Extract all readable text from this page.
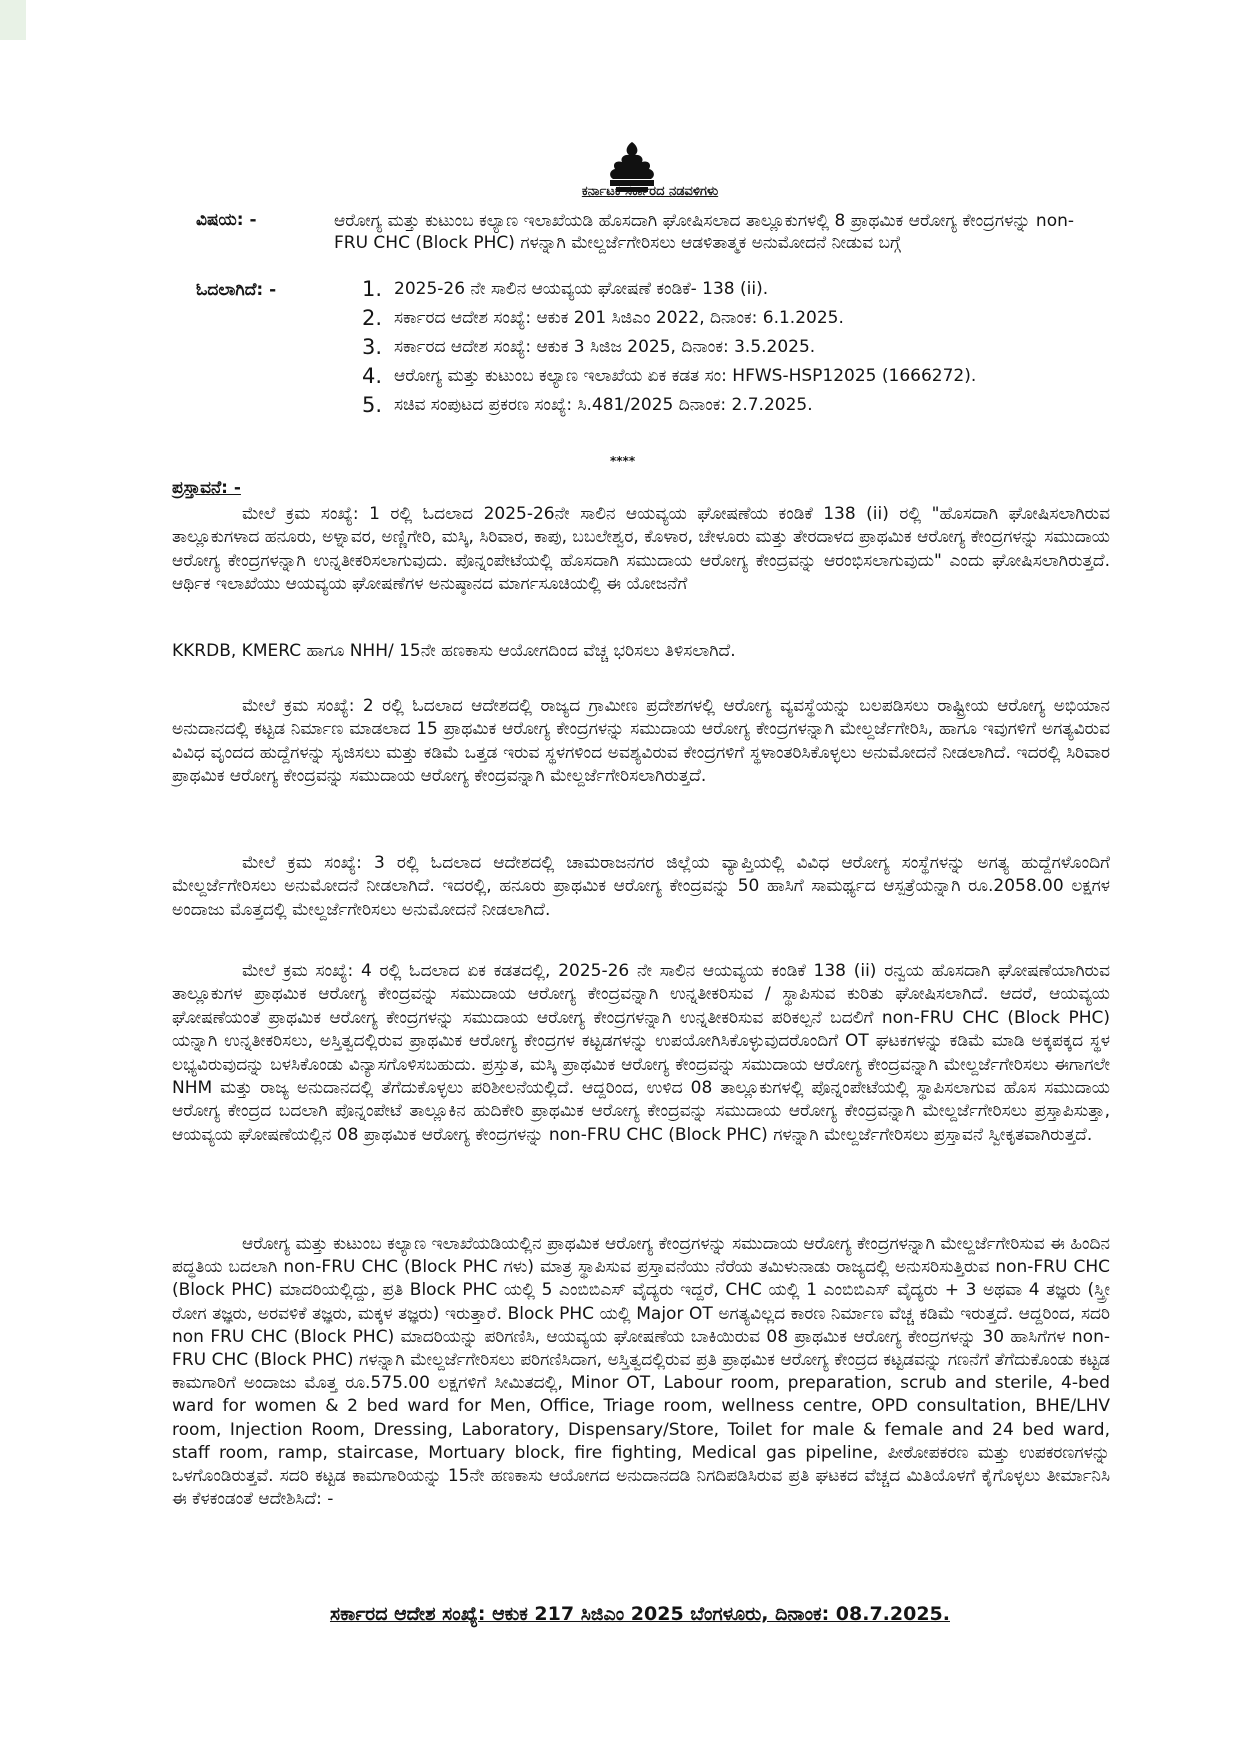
ಕರ್ನಾಟಕ ಸರ್ಕಾರದ ನಡವಳಿಗಳು
ವಿಷಯ: -	ಆರೋಗ್ಯ ಮತ್ತು ಕುಟುಂಬ ಕಲ್ಯಾಣ ಇಲಾಖೆಯಡಿ ಹೊಸದಾಗಿ ಘೋಷಿಸಲಾದ ತಾಲ್ಲೂಕುಗಳಲ್ಲಿ 8 ಪ್ರಾಥಮಿಕ ಆರೋಗ್ಯ ಕೇಂದ್ರಗಳನ್ನು non-FRU CHC (Block PHC) ಗಳನ್ನಾಗಿ ಮೇಲ್ದರ್ಜೆಗೇರಿಸಲು ಆಡಳಿತಾತ್ಮಕ ಅನುಮೋದನೆ ನೀಡುವ ಬಗ್ಗೆ
ಓದಲಾಗಿದೆ: -	1. 2025-26 ನೇ ಸಾಲಿನ ಆಯವ್ಯಯ ಘೋಷಣೆ ಕಂಡಿಕೆ- 138 (ii).
2. ಸರ್ಕಾರದ ಆದೇಶ ಸಂಖ್ಯೆ: ಆಕುಕ 201 ಸಿಜಿಎಂ 2022, ದಿನಾಂಕ: 6.1.2025.
3. ಸರ್ಕಾರದ ಆದೇಶ ಸಂಖ್ಯೆ: ಆಕುಕ 3 ಸಿಜಿಜ 2025, ದಿನಾಂಕ: 3.5.2025.
4. ಆರೋಗ್ಯ ಮತ್ತು ಕುಟುಂಬ ಕಲ್ಯಾಣ ಇಲಾಖೆಯ ಏಕ ಕಡತ ಸಂ: HFWS-HSP12025 (1666272).
5. ಸಚಿವ ಸಂಪುಟದ ಪ್ರಕರಣ ಸಂಖ್ಯೆ: ಸಿ.481/2025 ದಿನಾಂಕ: 2.7.2025.
****
ಪ್ರಸ್ತಾವನೆ: -

ಮೇಲೆ ಕ್ರಮ ಸಂಖ್ಯೆ: 1 ರಲ್ಲಿ ಓದಲಾದ 2025-26ನೇ ಸಾಲಿನ ಆಯವ್ಯಯ ಘೋಷಣೆಯ ಕಂಡಿಕೆ 138 (ii) ರಲ್ಲಿ "ಹೊಸದಾಗಿ ಘೋಷಿಸಲಾಗಿರುವ ತಾಲ್ಲೂಕುಗಳಾದ ಹನೂರು, ಅಳ್ನಾವರ, ಅಣ್ಣಿಗೇರಿ, ಮಸ್ಕಿ, ಸಿರಿವಾರ, ಕಾಪು, ಬಬಲೇಶ್ವರ, ಕೊಳಾರ, ಚೇಳೂರು ಮತ್ತು ತೇರದಾಳದ ಪ್ರಾಥಮಿಕ ಆರೋಗ್ಯ ಕೇಂದ್ರಗಳನ್ನು ಸಮುದಾಯ ಆರೋಗ್ಯ ಕೇಂದ್ರಗಳನ್ನಾಗಿ ಉನ್ನತೀಕರಿಸಲಾಗುವುದು. ಪೊನ್ನಂಪೇಟೆಯಲ್ಲಿ ಹೊಸದಾಗಿ ಸಮುದಾಯ ಆರೋಗ್ಯ ಕೇಂದ್ರವನ್ನು ಆರಂಭಿಸಲಾಗುವುದು" ಎಂದು ಘೋಷಿಸಲಾಗಿರುತ್ತದೆ. ಆರ್ಥಿಕ ಇಲಾಖೆಯು ಆಯವ್ಯಯ ಘೋಷಣೆಗಳ ಅನುಷ್ಠಾನದ ಮಾರ್ಗಸೂಚಿಯಲ್ಲಿ ಈ ಯೋಜನೆಗೆ

KKRDB, KMERC ಹಾಗೂ NHH/ 15ನೇ ಹಣಕಾಸು ಆಯೋಗದಿಂದ ವೆಚ್ಚ ಭರಿಸಲು ತಿಳಿಸಲಾಗಿದೆ.

ಮೇಲೆ ಕ್ರಮ ಸಂಖ್ಯೆ: 2 ರಲ್ಲಿ ಓದಲಾದ ಆದೇಶದಲ್ಲಿ ರಾಜ್ಯದ ಗ್ರಾಮೀಣ ಪ್ರದೇಶಗಳಲ್ಲಿ ಆರೋಗ್ಯ ವ್ಯವಸ್ಥೆಯನ್ನು ಬಲಪಡಿಸಲು ರಾಷ್ಟ್ರೀಯ ಆರೋಗ್ಯ ಅಭಿಯಾನ ಅನುದಾನದಲ್ಲಿ ಕಟ್ಟಡ ನಿರ್ಮಾಣ ಮಾಡಲಾದ 15 ಪ್ರಾಥಮಿಕ ಆರೋಗ್ಯ ಕೇಂದ್ರಗಳನ್ನು ಸಮುದಾಯ ಆರೋಗ್ಯ ಕೇಂದ್ರಗಳನ್ನಾಗಿ ಮೇಲ್ದರ್ಜೆಗೇರಿಸಿ, ಹಾಗೂ ಇವುಗಳಿಗೆ ಅಗತ್ಯವಿರುವ ವಿವಿಧ ವೃಂದದ ಹುದ್ದೆಗಳನ್ನು ಸೃಜಿಸಲು ಮತ್ತು ಕಡಿಮೆ ಒತ್ತಡ ಇರುವ ಸ್ಥಳಗಳಿಂದ ಅವಶ್ಯವಿರುವ ಕೇಂದ್ರಗಳಿಗೆ ಸ್ಥಳಾಂತರಿಸಿಕೊಳ್ಳಲು ಅನುಮೋದನೆ ನೀಡಲಾಗಿದೆ. ಇದರಲ್ಲಿ ಸಿರಿವಾರ ಪ್ರಾಥಮಿಕ ಆರೋಗ್ಯ ಕೇಂದ್ರವನ್ನು ಸಮುದಾಯ ಆರೋಗ್ಯ ಕೇಂದ್ರವನ್ನಾಗಿ ಮೇಲ್ದರ್ಜೆಗೇರಿಸಲಾಗಿರುತ್ತದೆ.

ಮೇಲೆ ಕ್ರಮ ಸಂಖ್ಯೆ: 3 ರಲ್ಲಿ ಓದಲಾದ ಆದೇಶದಲ್ಲಿ ಚಾಮರಾಜನಗರ ಜಿಲ್ಲೆಯ ವ್ಯಾಪ್ತಿಯಲ್ಲಿ ವಿವಿಧ ಆರೋಗ್ಯ ಸಂಸ್ಥೆಗಳನ್ನು ಅಗತ್ಯ ಹುದ್ದೆಗಳೊಂದಿಗೆ ಮೇಲ್ದರ್ಜೆಗೇರಿಸಲು ಅನುಮೋದನೆ ನೀಡಲಾಗಿದೆ. ಇದರಲ್ಲಿ, ಹನೂರು ಪ್ರಾಥಮಿಕ ಆರೋಗ್ಯ ಕೇಂದ್ರವನ್ನು 50 ಹಾಸಿಗೆ ಸಾಮರ್ಥ್ಯದ ಆಸ್ಪತ್ರೆಯನ್ನಾಗಿ ರೂ.2058.00 ಲಕ್ಷಗಳ ಅಂದಾಜು ಮೊತ್ತದಲ್ಲಿ ಮೇಲ್ದರ್ಜೆಗೇರಿಸಲು ಅನುಮೋದನೆ ನೀಡಲಾಗಿದೆ.

ಮೇಲೆ ಕ್ರಮ ಸಂಖ್ಯೆ: 4 ರಲ್ಲಿ ಓದಲಾದ ಏಕ ಕಡತದಲ್ಲಿ, 2025-26 ನೇ ಸಾಲಿನ ಆಯವ್ಯಯ ಕಂಡಿಕೆ 138 (ii) ರನ್ವಯ ಹೊಸದಾಗಿ ಘೋಷಣೆಯಾಗಿರುವ ತಾಲ್ಲೂಕುಗಳ ಪ್ರಾಥಮಿಕ ಆರೋಗ್ಯ ಕೇಂದ್ರವನ್ನು ಸಮುದಾಯ ಆರೋಗ್ಯ ಕೇಂದ್ರವನ್ನಾಗಿ ಉನ್ನತೀಕರಿಸುವ / ಸ್ಥಾಪಿಸುವ ಕುರಿತು ಘೋಷಿಸಲಾಗಿದೆ. ಆದರೆ, ಆಯವ್ಯಯ ಘೋಷಣೆಯಂತೆ ಪ್ರಾಥಮಿಕ ಆರೋಗ್ಯ ಕೇಂದ್ರಗಳನ್ನು ಸಮುದಾಯ ಆರೋಗ್ಯ ಕೇಂದ್ರಗಳನ್ನಾಗಿ ಉನ್ನತೀಕರಿಸುವ ಪರಿಕಲ್ಪನೆ ಬದಲಿಗೆ non-FRU CHC (Block PHC) ಯನ್ನಾಗಿ ಉನ್ನತೀಕರಿಸಲು, ಅಸ್ತಿತ್ವದಲ್ಲಿರುವ ಪ್ರಾಥಮಿಕ ಆರೋಗ್ಯ ಕೇಂದ್ರಗಳ ಕಟ್ಟಡಗಳನ್ನು ಉಪಯೋಗಿಸಿಕೊಳ್ಳುವುದರೊಂದಿಗೆ OT ಘಟಕಗಳನ್ನು ಕಡಿಮೆ ಮಾಡಿ ಅಕ್ಕಪಕ್ಕದ ಸ್ಥಳ ಲಭ್ಯವಿರುವುದನ್ನು ಬಳಸಿಕೊಂಡು ವಿನ್ಯಾಸಗೊಳಿಸಬಹುದು. ಪ್ರಸ್ತುತ, ಮಸ್ಕಿ ಪ್ರಾಥಮಿಕ ಆರೋಗ್ಯ ಕೇಂದ್ರವನ್ನು ಸಮುದಾಯ ಆರೋಗ್ಯ ಕೇಂದ್ರವನ್ನಾಗಿ ಮೇಲ್ದರ್ಜೆಗೇರಿಸಲು ಈಗಾಗಲೇ NHM ಮತ್ತು ರಾಜ್ಯ ಅನುದಾನದಲ್ಲಿ ತೆಗೆದುಕೊಳ್ಳಲು ಪರಿಶೀಲನೆಯಲ್ಲಿದೆ. ಆದ್ದರಿಂದ, ಉಳಿದ 08 ತಾಲ್ಲೂಕುಗಳಲ್ಲಿ ಪೊನ್ನಂಪೇಟೆಯಲ್ಲಿ ಸ್ಥಾಪಿಸಲಾಗುವ ಹೊಸ ಸಮುದಾಯ ಆರೋಗ್ಯ ಕೇಂದ್ರದ ಬದಲಾಗಿ ಪೊನ್ನಂಪೇಟೆ ತಾಲ್ಲೂಕಿನ ಹುದಿಕೇರಿ ಪ್ರಾಥಮಿಕ ಆರೋಗ್ಯ ಕೇಂದ್ರವನ್ನು ಸಮುದಾಯ ಆರೋಗ್ಯ ಕೇಂದ್ರವನ್ನಾಗಿ ಮೇಲ್ದರ್ಜೆಗೇರಿಸಲು ಪ್ರಸ್ತಾಪಿಸುತ್ತಾ, ಆಯವ್ಯಯ ಘೋಷಣೆಯಲ್ಲಿನ 08 ಪ್ರಾಥಮಿಕ ಆರೋಗ್ಯ ಕೇಂದ್ರಗಳನ್ನು non-FRU CHC (Block PHC) ಗಳನ್ನಾಗಿ ಮೇಲ್ದರ್ಜೆಗೇರಿಸಲು ಪ್ರಸ್ತಾವನೆ ಸ್ವೀಕೃತವಾಗಿರುತ್ತದೆ.

ಆರೋಗ್ಯ ಮತ್ತು ಕುಟುಂಬ ಕಲ್ಯಾಣ ಇಲಾಖೆಯಡಿಯಲ್ಲಿನ ಪ್ರಾಥಮಿಕ ಆರೋಗ್ಯ ಕೇಂದ್ರಗಳನ್ನು ಸಮುದಾಯ ಆರೋಗ್ಯ ಕೇಂದ್ರಗಳನ್ನಾಗಿ ಮೇಲ್ದರ್ಜೆಗೇರಿಸುವ ಈ ಹಿಂದಿನ ಪದ್ಧತಿಯ ಬದಲಾಗಿ non-FRU CHC (Block PHC ಗಳು) ಮಾತ್ರ ಸ್ಥಾಪಿಸುವ ಪ್ರಸ್ತಾವನೆಯು ನೆರೆಯ ತಮಿಳುನಾಡು ರಾಜ್ಯದಲ್ಲಿ ಅನುಸರಿಸುತ್ತಿರುವ non-FRU CHC (Block PHC) ಮಾದರಿಯಲ್ಲಿದ್ದು, ಪ್ರತಿ Block PHC ಯಲ್ಲಿ 5 ಎಂಬಿಬಿಎಸ್ ವೈದ್ಯರು ಇದ್ದರೆ, CHC ಯಲ್ಲಿ 1 ಎಂಬಿಬಿಎಸ್ ವೈದ್ಯರು + 3 ಅಥವಾ 4 ತಜ್ಞರು (ಸ್ತ್ರೀ ರೋಗ ತಜ್ಞರು, ಅರವಳಿಕೆ ತಜ್ಞರು, ಮಕ್ಕಳ ತಜ್ಞರು) ಇರುತ್ತಾರೆ. Block PHC ಯಲ್ಲಿ Major OT ಅಗತ್ಯವಿಲ್ಲದ ಕಾರಣ ನಿರ್ಮಾಣ ವೆಚ್ಚ ಕಡಿಮೆ ಇರುತ್ತದೆ. ಆದ್ದರಿಂದ, ಸದರಿ non FRU CHC (Block PHC) ಮಾದರಿಯನ್ನು ಪರಿಗಣಿಸಿ, ಆಯವ್ಯಯ ಘೋಷಣೆಯ ಬಾಕಿಯಿರುವ 08 ಪ್ರಾಥಮಿಕ ಆರೋಗ್ಯ ಕೇಂದ್ರಗಳನ್ನು 30 ಹಾಸಿಗೆಗಳ non-FRU CHC (Block PHC) ಗಳನ್ನಾಗಿ ಮೇಲ್ದರ್ಜೆಗೇರಿಸಲು ಪರಿಗಣಿಸಿದಾಗ, ಅಸ್ತಿತ್ವದಲ್ಲಿರುವ ಪ್ರತಿ ಪ್ರಾಥಮಿಕ ಆರೋಗ್ಯ ಕೇಂದ್ರದ ಕಟ್ಟಡವನ್ನು ಗಣನೆಗೆ ತೆಗೆದುಕೊಂಡು ಕಟ್ಟಡ ಕಾಮಗಾರಿಗೆ ಅಂದಾಜು ಮೊತ್ತ ರೂ.575.00 ಲಕ್ಷಗಳಿಗೆ ಸೀಮಿತದಲ್ಲಿ, Minor OT, Labour room, preparation, scrub and sterile, 4-bed ward for women & 2 bed ward for Men, Office, Triage room, wellness centre, OPD consultation, BHE/LHV room, Injection Room, Dressing, Laboratory, Dispensary/Store, Toilet for male & female and 24 bed ward, staff room, ramp, staircase, Mortuary block, fire fighting, Medical gas pipeline, ಪೀಠೋಪಕರಣ ಮತ್ತು ಉಪಕರಣಗಳನ್ನು ಒಳಗೊಂಡಿರುತ್ತವೆ. ಸದರಿ ಕಟ್ಟಡ ಕಾಮಗಾರಿಯನ್ನು 15ನೇ ಹಣಕಾಸು ಆಯೋಗದ ಅನುದಾನದಡಿ ನಿಗದಿಪಡಿಸಿರುವ ಪ್ರತಿ ಘಟಕದ ವೆಚ್ಚದ ಮಿತಿಯೊಳಗೆ ಕೈಗೊಳ್ಳಲು ತೀರ್ಮಾನಿಸಿ ಈ ಕೆಳಕಂಡಂತೆ ಆದೇಶಿಸಿದೆ: -

ಸರ್ಕಾರದ ಆದೇಶ ಸಂಖ್ಯೆ: ಆಕುಕ 217 ಸಿಜಿಎಂ 2025 ಬೆಂಗಳೂರು, ದಿನಾಂಕ: 08.7.2025.
